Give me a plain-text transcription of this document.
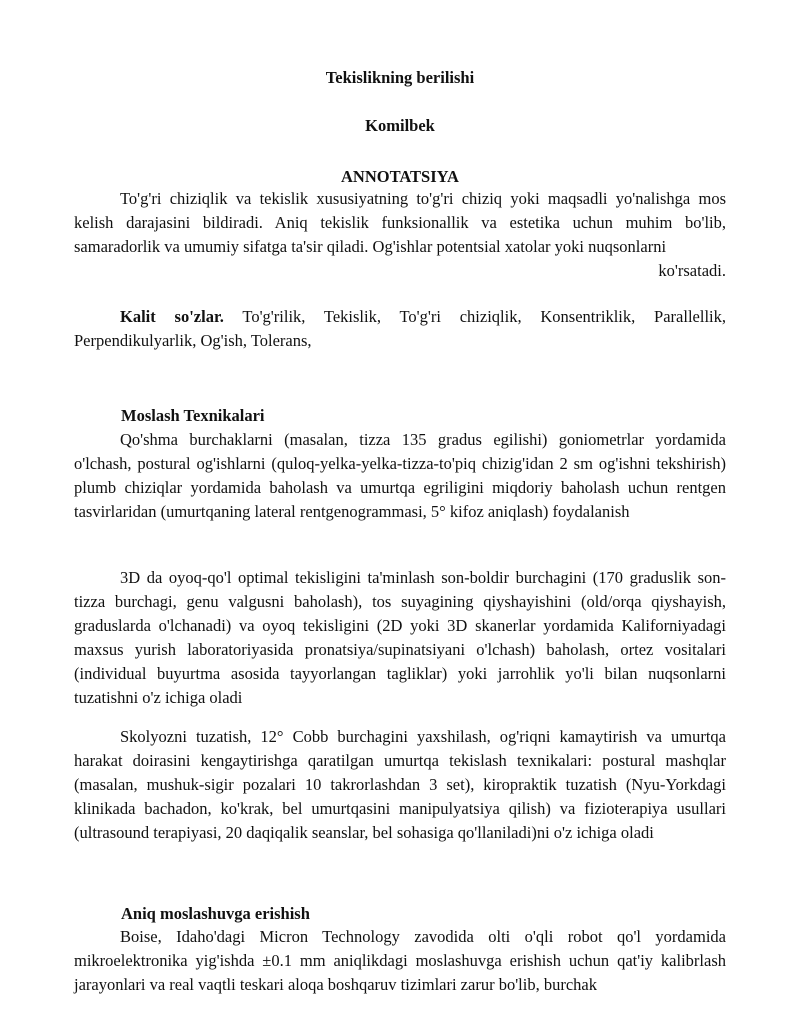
Tekislikning berilishi

Komilbek

ANNOTATSIYA

To'g'ri chiziqlik va tekislik xususiyatning to'g'ri chiziq yoki maqsadli yo'nalishga mos kelish darajasini bildiradi. Aniq tekislik funksionallik va estetika uchun muhim bo'lib, samaradorlik va umumiy sifatga ta'sir qiladi. Og'ishlar potentsial xatolar yoki nuqsonlarni

ko'rsatadi.

Kalit so'zlar. To'g'rilik, Tekislik, To'g'ri chiziqlik, Konsentriklik, Parallellik, Perpendikulyarlik, Og'ish, Tolerans,

Moslash Texnikalari

Qo'shma burchaklarni (masalan, tizza 135 gradus egilishi) goniometrlar yordamida o'lchash, postural og'ishlarni (quloq-yelka-yelka-tizza-to'piq chizig'idan 2 sm og'ishni tekshirish) plumb chiziqlar yordamida baholash va umurtqa egriligini miqdoriy baholash uchun rentgen tasvirlaridan (umurtqaning lateral rentgenogrammasi, 5° kifoz aniqlash) foydalanish

3D da oyoq-qo'l optimal tekisligini ta'minlash son-boldir burchagini (170 graduslik son-tizza burchagi, genu valgusni baholash), tos suyagining qiyshayishini (old/orqa qiyshayish, graduslarda o'lchanadi) va oyoq tekisligini (2D yoki 3D skanerlar yordamida Kaliforniyadagi maxsus yurish laboratoriyasida pronatsiya/supinatsiyani o'lchash) baholash, ortez vositalari (individual buyurtma asosida tayyorlangan tagliklar) yoki jarrohlik yo'li bilan nuqsonlarni tuzatishni o'z ichiga oladi

Skolyozni tuzatish, 12° Cobb burchagini yaxshilash, og'riqni kamaytirish va umurtqa harakat doirasini kengaytirishga qaratilgan umurtqa tekislash texnikalari: postural mashqlar (masalan, mushuk-sigir pozalari 10 takrorlashdan 3 set), kiropraktik tuzatish (Nyu-Yorkdagi klinikada bachadon, ko'krak, bel umurtqasini manipulyatsiya qilish) va fizioterapiya usullari (ultrasound terapiyasi, 20 daqiqalik seanslar, bel sohasiga qo'llaniladi)ni o'z ichiga oladi

Aniq moslashuvga erishish

Boise, Idaho'dagi Micron Technology zavodida olti o'qli robot qo'l yordamida mikroelektronika yig'ishda ±0.1 mm aniqlikdagi moslashuvga erishish uchun qat'iy kalibrlash jarayonlari va real vaqtli teskari aloqa boshqaruv tizimlari zarur bo'lib, burchak
